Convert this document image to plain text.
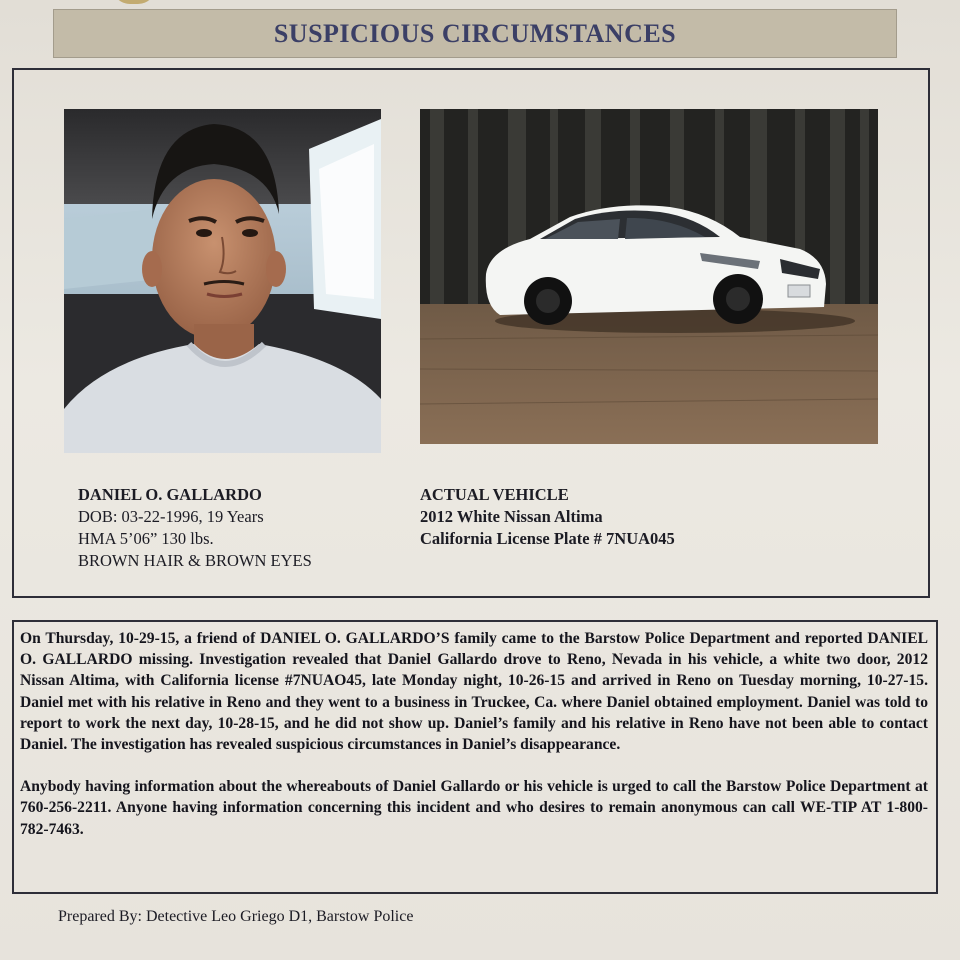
SUSPICIOUS CIRCUMSTANCES
DANIEL O. GALLARDO
DOB: 03-22-1996, 19 Years
HMA 5’06” 130 lbs.
BROWN HAIR & BROWN EYES
ACTUAL VEHICLE
2012 White Nissan Altima
California License Plate # 7NUA045

On Thursday, 10-29-15, a friend of DANIEL O. GALLARDO’S family came to the Barstow Police Department and reported DANIEL O. GALLARDO missing. Investigation revealed that Daniel Gallardo drove to Reno, Nevada in his vehicle, a white two door, 2012 Nissan Altima, with California license #7NUAO45, late Monday night, 10-26-15 and arrived in Reno on Tuesday morning, 10-27-15. Daniel met with his relative in Reno and they went to a business in Truckee, Ca. where Daniel obtained employment. Daniel was told to report to work the next day, 10-28-15, and he did not show up. Daniel’s family and his relative in Reno have not been able to contact Daniel. The investigation has revealed suspicious circumstances in Daniel’s disappearance.

Anybody having information about the whereabouts of Daniel Gallardo or his vehicle is urged to call the Barstow Police Department at 760-256-2211. Anyone having information concerning this incident and who desires to remain anonymous can call WE-TIP AT 1-800-782-7463.

Prepared By: Detective Leo Griego D1, Barstow Police
